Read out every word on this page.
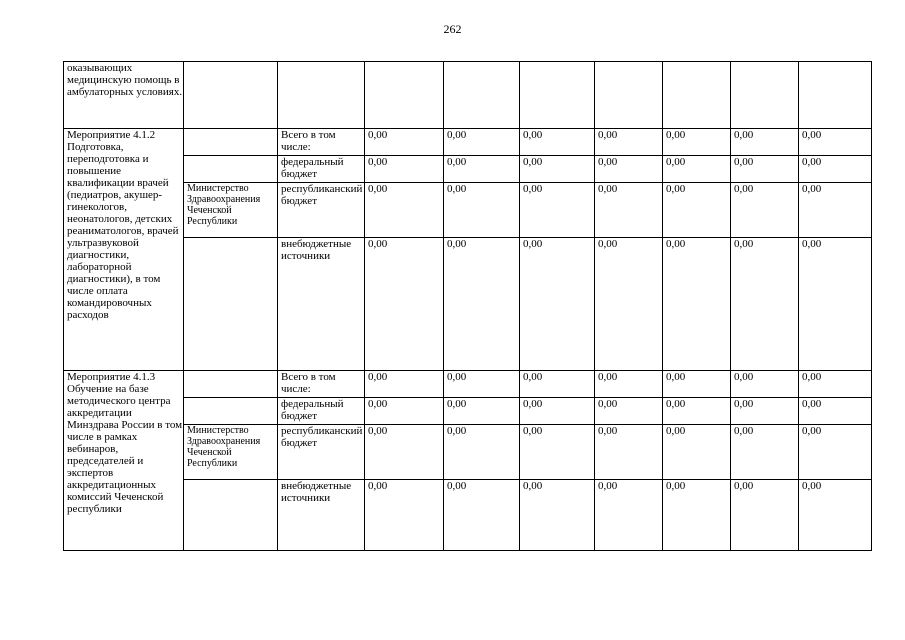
262
оказывающих медицинскую помощь в амбулаторных условиях.									
Мероприятие 4.1.2 Подготовка, переподготовка и повышение квалификации врачей (педиатров, акушер-гинекологов, неонатологов, детских реаниматологов, врачей ультразвуковой диагностики, лабораторной диагностики), в том числе оплата командировочных расходов		Всего в том числе:	0,00	0,00	0,00	0,00	0,00	0,00	0,00
		федеральный бюджет	0,00	0,00	0,00	0,00	0,00	0,00	0,00
	Министерство Здравоохранения Чеченской Республики	республиканский бюджет	0,00	0,00	0,00	0,00	0,00	0,00	0,00
		внебюджетные источники	0,00	0,00	0,00	0,00	0,00	0,00	0,00
Мероприятие 4.1.3 Обучение на базе методического центра аккредитации Минздрава России в том числе в рамках вебинаров, председателей и экспертов аккредитационных комиссий Чеченской республики		Всего в том числе:	0,00	0,00	0,00	0,00	0,00	0,00	0,00
		федеральный бюджет	0,00	0,00	0,00	0,00	0,00	0,00	0,00
	Министерство Здравоохранения Чеченской Республики	республиканский бюджет	0,00	0,00	0,00	0,00	0,00	0,00	0,00
		внебюджетные источники	0,00	0,00	0,00	0,00	0,00	0,00	0,00
